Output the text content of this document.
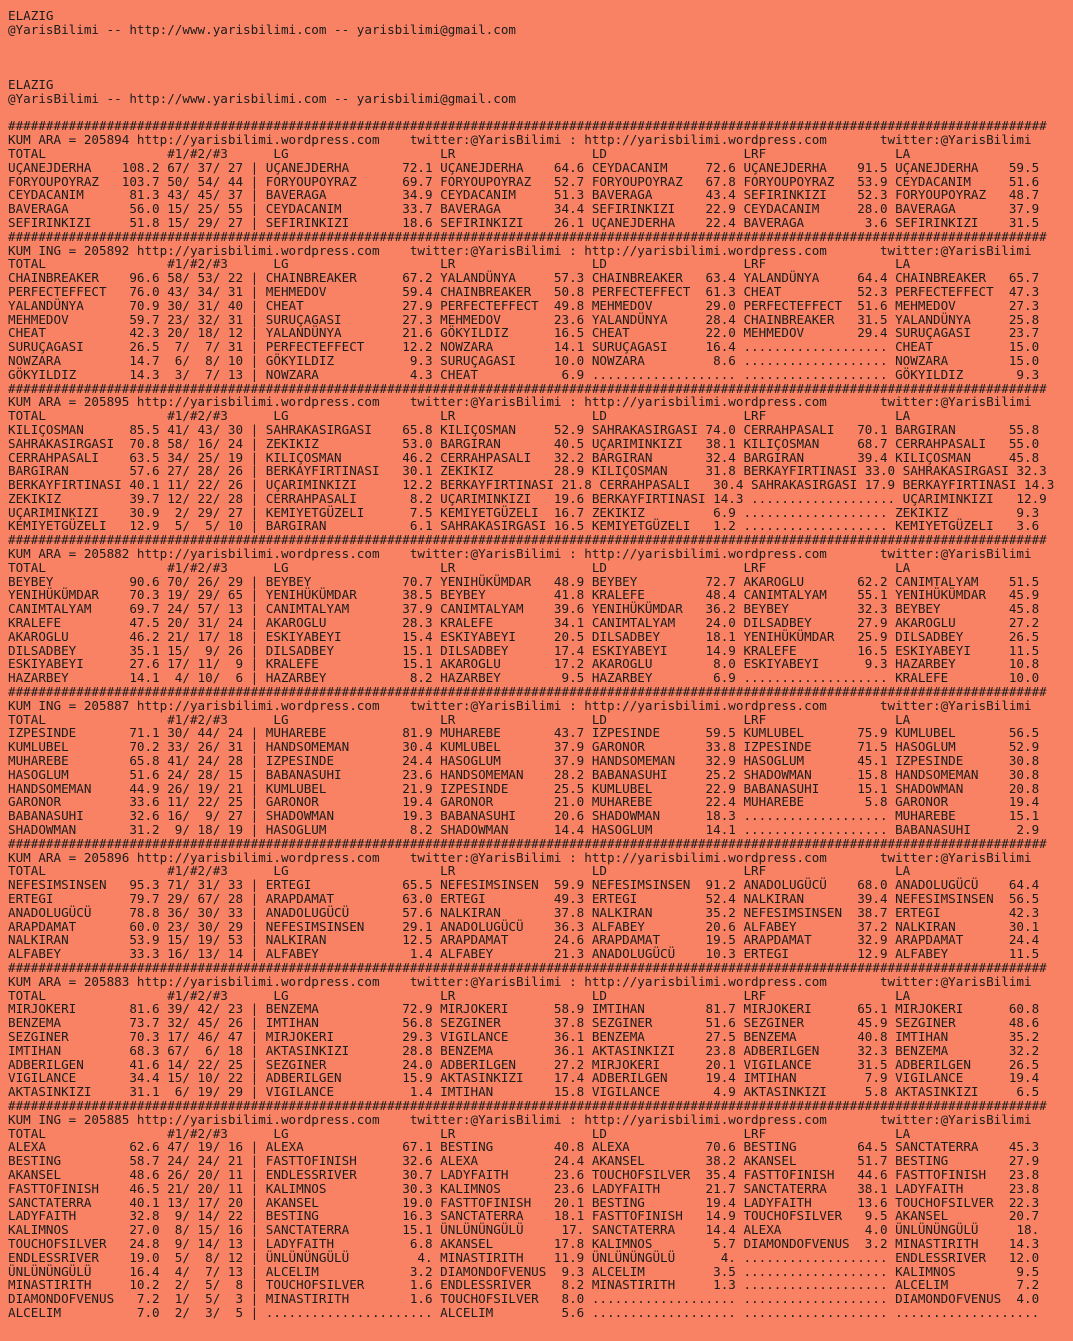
ELAZIG
@YarisBilimi -- http://www.yarisbilimi.com -- yarisbilimi@gmail.com

ELAZIG
@YarisBilimi -- http://www.yarisbilimi.com -- yarisbilimi@gmail.com

#########################################################################################################################################
KUM ARA = 205894 http://yarisbilimi.wordpress.com    twitter:@YarisBilimi : http://yarisbilimi.wordpress.com       twitter:@YarisBilimi
TOTAL                #1/#2/#3      LG                    LR                  LD                  LRF                 LA
UÇANEJDERHA    108.2 67/ 37/ 27 | UÇANEJDERHA       72.1 UÇANEJDERHA    64.6 CEYDACANIM     72.6 UÇANEJDERHA    91.5 UÇANEJDERHA    59.5
FORYOUPOYRAZ   103.7 50/ 54/ 44 | FORYOUPOYRAZ      69.7 FORYOUPOYRAZ   52.7 FORYOUPOYRAZ   67.8 FORYOUPOYRAZ   53.9 CEYDACANIM     51.6
CEYDACANIM      81.3 43/ 45/ 37 | BAVERAGA          34.9 CEYDACANIM     51.3 BAVERAGA       43.4 SEFIRINKIZI    52.3 FORYOUPOYRAZ   48.7
BAVERAGA        56.0 15/ 25/ 55 | CEYDACANIM        33.7 BAVERAGA       34.4 SEFIRINKIZI    22.9 CEYDACANIM     28.0 BAVERAGA       37.9
SEFIRINKIZI     51.8 15/ 29/ 27 | SEFIRINKIZI       18.6 SEFIRINKIZI    26.1 UÇANEJDERHA    22.4 BAVERAGA        3.6 SEFIRINKIZI    31.5
#########################################################################################################################################
KUM ING = 205892 http://yarisbilimi.wordpress.com    twitter:@YarisBilimi : http://yarisbilimi.wordpress.com       twitter:@YarisBilimi
TOTAL                #1/#2/#3      LG                    LR                  LD                  LRF                 LA
CHAINBREAKER    96.6 58/ 53/ 22 | CHAINBREAKER      67.2 YALANDÜNYA     57.3 CHAINBREAKER   63.4 YALANDÜNYA     64.4 CHAINBREAKER   65.7
PERFECTEFFECT   76.0 43/ 34/ 31 | MEHMEDOV          59.4 CHAINBREAKER   50.8 PERFECTEFFECT  61.3 CHEAT          52.3 PERFECTEFFECT  47.3
YALANDÜNYA      70.9 30/ 31/ 40 | CHEAT             27.9 PERFECTEFFECT  49.8 MEHMEDOV       29.0 PERFECTEFFECT  51.6 MEHMEDOV       27.3
MEHMEDOV        59.7 23/ 32/ 31 | SURUÇAGASI        27.3 MEHMEDOV       23.6 YALANDÜNYA     28.4 CHAINBREAKER   31.5 YALANDÜNYA     25.8
CHEAT           42.3 20/ 18/ 12 | YALANDÜNYA        21.6 GÖKYILDIZ      16.5 CHEAT          22.0 MEHMEDOV       29.4 SURUÇAGASI     23.7
SURUÇAGASI      26.5  7/  7/ 31 | PERFECTEFFECT     12.2 NOWZARA        14.1 SURUÇAGASI     16.4 ................... CHEAT          15.0
NOWZARA         14.7  6/  8/ 10 | GÖKYILDIZ          9.3 SURUÇAGASI     10.0 NOWZARA         8.6 ................... NOWZARA        15.0
GÖKYILDIZ       14.3  3/  7/ 13 | NOWZARA            4.3 CHEAT           6.9 ................... ................... GÖKYILDIZ       9.3
#########################################################################################################################################
KUM ARA = 205895 http://yarisbilimi.wordpress.com    twitter:@YarisBilimi : http://yarisbilimi.wordpress.com       twitter:@YarisBilimi
TOTAL                #1/#2/#3      LG                    LR                  LD                  LRF                 LA
KILIÇOSMAN      85.5 41/ 43/ 30 | SAHRAKASIRGASI    65.8 KILIÇOSMAN     52.9 SAHRAKASIRGASI 74.0 CERRAHPASALI   70.1 BARGIRAN       55.8
SAHRAKASIRGASI  70.8 58/ 16/ 24 | ZEKIKIZ           53.0 BARGIRAN       40.5 UÇARIMINKIZI   38.1 KILIÇOSMAN     68.7 CERRAHPASALI   55.0
CERRAHPASALI    63.5 34/ 25/ 19 | KILIÇOSMAN        46.2 CERRAHPASALI   32.2 BARGIRAN       32.4 BARGIRAN       39.4 KILIÇOSMAN     45.8
BARGIRAN        57.6 27/ 28/ 26 | BERKAYFIRTINASI   30.1 ZEKIKIZ        28.9 KILIÇOSMAN     31.8 BERKAYFIRTINASI 33.0 SAHRAKASIRGASI 32.3
BERKAYFIRTINASI 40.1 11/ 22/ 26 | UÇARIMINKIZI      12.2 BERKAYFIRTINASI 21.8 CERRAHPASALI   30.4 SAHRAKASIRGASI 17.9 BERKAYFIRTINASI 14.3
ZEKIKIZ         39.7 12/ 22/ 28 | CERRAHPASALI       8.2 UÇARIMINKIZI   19.6 BERKAYFIRTINASI 14.3 ................... UÇARIMINKIZI   12.9
UÇARIMINKIZI    30.9  2/ 29/ 27 | KEMIYETGÜZELI      7.5 KEMIYETGÜZELI  16.7 ZEKIKIZ         6.9 ................... ZEKIKIZ         9.3
KEMIYETGÜZELI   12.9  5/  5/ 10 | BARGIRAN           6.1 SAHRAKASIRGASI 16.5 KEMIYETGÜZELI   1.2 ................... KEMIYETGÜZELI   3.6
#########################################################################################################################################
KUM ARA = 205882 http://yarisbilimi.wordpress.com    twitter:@YarisBilimi : http://yarisbilimi.wordpress.com       twitter:@YarisBilimi
TOTAL                #1/#2/#3      LG                    LR                  LD                  LRF                 LA
BEYBEY          90.6 70/ 26/ 29 | BEYBEY            70.7 YENIHÜKÜMDAR   48.9 BEYBEY         72.7 AKAROGLU       62.2 CANIMTALYAM    51.5
YENIHÜKÜMDAR    70.3 19/ 29/ 65 | YENIHÜKÜMDAR      38.5 BEYBEY         41.8 KRALEFE        48.4 CANIMTALYAM    55.1 YENIHÜKÜMDAR   45.9
CANIMTALYAM     69.7 24/ 57/ 13 | CANIMTALYAM       37.9 CANIMTALYAM    39.6 YENIHÜKÜMDAR   36.2 BEYBEY         32.3 BEYBEY         45.8
KRALEFE         47.5 20/ 31/ 24 | AKAROGLU          28.3 KRALEFE        34.1 CANIMTALYAM    24.0 DILSADBEY      27.9 AKAROGLU       27.2
AKAROGLU        46.2 21/ 17/ 18 | ESKIYABEYI        15.4 ESKIYABEYI     20.5 DILSADBEY      18.1 YENIHÜKÜMDAR   25.9 DILSADBEY      26.5
DILSADBEY       35.1 15/  9/ 26 | DILSADBEY         15.1 DILSADBEY      17.4 ESKIYABEYI     14.9 KRALEFE        16.5 ESKIYABEYI     11.5
ESKIYABEYI      27.6 17/ 11/  9 | KRALEFE           15.1 AKAROGLU       17.2 AKAROGLU        8.0 ESKIYABEYI      9.3 HAZARBEY       10.8
HAZARBEY        14.1  4/ 10/  6 | HAZARBEY           8.2 HAZARBEY        9.5 HAZARBEY        6.9 ................... KRALEFE        10.0
#########################################################################################################################################
KUM ING = 205887 http://yarisbilimi.wordpress.com    twitter:@YarisBilimi : http://yarisbilimi.wordpress.com       twitter:@YarisBilimi
TOTAL                #1/#2/#3      LG                    LR                  LD                  LRF                 LA
IZPESINDE       71.1 30/ 44/ 24 | MUHAREBE          81.9 MUHAREBE       43.7 IZPESINDE      59.5 KUMLUBEL       75.9 KUMLUBEL       56.5
KUMLUBEL        70.2 33/ 26/ 31 | HANDSOMEMAN       30.4 KUMLUBEL       37.9 GARONOR        33.8 IZPESINDE      71.5 HASOGLUM       52.9
MUHAREBE        65.8 41/ 24/ 28 | IZPESINDE         24.4 HASOGLUM       37.9 HANDSOMEMAN    32.9 HASOGLUM       45.1 IZPESINDE      30.8
HASOGLUM        51.6 24/ 28/ 15 | BABANASUHI        23.6 HANDSOMEMAN    28.2 BABANASUHI     25.2 SHADOWMAN      15.8 HANDSOMEMAN    30.8
HANDSOMEMAN     44.9 26/ 19/ 21 | KUMLUBEL          21.9 IZPESINDE      25.5 KUMLUBEL       22.9 BABANASUHI     15.1 SHADOWMAN      20.8
GARONOR         33.6 11/ 22/ 25 | GARONOR           19.4 GARONOR        21.0 MUHAREBE       22.4 MUHAREBE        5.8 GARONOR        19.4
BABANASUHI      32.6 16/  9/ 27 | SHADOWMAN         19.3 BABANASUHI     20.6 SHADOWMAN      18.3 ................... MUHAREBE       15.1
SHADOWMAN       31.2  9/ 18/ 19 | HASOGLUM           8.2 SHADOWMAN      14.4 HASOGLUM       14.1 ................... BABANASUHI      2.9
#########################################################################################################################################
KUM ARA = 205896 http://yarisbilimi.wordpress.com    twitter:@YarisBilimi : http://yarisbilimi.wordpress.com       twitter:@YarisBilimi
TOTAL                #1/#2/#3      LG                    LR                  LD                  LRF                 LA
NEFESIMSINSEN   95.3 71/ 31/ 33 | ERTEGI            65.5 NEFESIMSINSEN  59.9 NEFESIMSINSEN  91.2 ANADOLUGÜCÜ    68.0 ANADOLUGÜCÜ    64.4
ERTEGI          79.7 29/ 67/ 28 | ARAPDAMAT         63.0 ERTEGI         49.3 ERTEGI         52.4 NALKIRAN       39.4 NEFESIMSINSEN  56.5
ANADOLUGÜCÜ     78.8 36/ 30/ 33 | ANADOLUGÜCÜ       57.6 NALKIRAN       37.8 NALKIRAN       35.2 NEFESIMSINSEN  38.7 ERTEGI         42.3
ARAPDAMAT       60.0 23/ 30/ 29 | NEFESIMSINSEN     29.1 ANADOLUGÜCÜ    36.3 ALFABEY        20.6 ALFABEY        37.2 NALKIRAN       30.1
NALKIRAN        53.9 15/ 19/ 53 | NALKIRAN          12.5 ARAPDAMAT      24.6 ARAPDAMAT      19.5 ARAPDAMAT      32.9 ARAPDAMAT      24.4
ALFABEY         33.3 16/ 13/ 14 | ALFABEY            1.4 ALFABEY        21.3 ANADOLUGÜCÜ    10.3 ERTEGI         12.9 ALFABEY        11.5
#########################################################################################################################################
KUM ARA = 205883 http://yarisbilimi.wordpress.com    twitter:@YarisBilimi : http://yarisbilimi.wordpress.com       twitter:@YarisBilimi
TOTAL                #1/#2/#3      LG                    LR                  LD                  LRF                 LA
MIRJOKERI       81.6 39/ 42/ 23 | BENZEMA           72.9 MIRJOKERI      58.9 IMTIHAN        81.7 MIRJOKERI      65.1 MIRJOKERI      60.8
BENZEMA         73.7 32/ 45/ 26 | IMTIHAN           56.8 SEZGINER       37.8 SEZGINER       51.6 SEZGINER       45.9 SEZGINER       48.6
SEZGINER        70.3 17/ 46/ 47 | MIRJOKERI         29.3 VIGILANCE      36.1 BENZEMA        27.5 BENZEMA        40.8 IMTIHAN        35.2
IMTIHAN         68.3 67/  6/ 18 | AKTASINKIZI       28.8 BENZEMA        36.1 AKTASINKIZI    23.8 ADBERILGEN     32.3 BENZEMA        32.2
ADBERILGEN      41.6 14/ 22/ 25 | SEZGINER          24.0 ADBERILGEN     27.2 MIRJOKERI      20.1 VIGILANCE      31.5 ADBERILGEN     26.5
VIGILANCE       34.4 15/ 10/ 22 | ADBERILGEN        15.9 AKTASINKIZI    17.4 ADBERILGEN     19.4 IMTIHAN         7.9 VIGILANCE      19.4
AKTASINKIZI     31.1  6/ 19/ 29 | VIGILANCE          1.4 IMTIHAN        15.8 VIGILANCE       4.9 AKTASINKIZI     5.8 AKTASINKIZI     6.5
#########################################################################################################################################
KUM ING = 205885 http://yarisbilimi.wordpress.com    twitter:@YarisBilimi : http://yarisbilimi.wordpress.com       twitter:@YarisBilimi
TOTAL                #1/#2/#3      LG                    LR                  LD                  LRF                 LA
ALEXA           62.6 47/ 19/ 16 | ALEXA             67.1 BESTING        40.8 ALEXA          70.6 BESTING        64.5 SANCTATERRA    45.3
BESTING         58.7 24/ 24/ 21 | FASTTOFINISH      32.6 ALEXA          24.4 AKANSEL        38.2 AKANSEL        51.7 BESTING        27.9
AKANSEL         48.6 26/ 20/ 11 | ENDLESSRIVER      30.7 LADYFAITH      23.6 TOUCHOFSILVER  35.4 FASTTOFINISH   44.6 FASTTOFINISH   23.8
FASTTOFINISH    46.5 21/ 20/ 11 | KALIMNOS          30.3 KALIMNOS       23.6 LADYFAITH      21.7 SANCTATERRA    38.1 LADYFAITH      23.8
SANCTATERRA     40.1 13/ 17/ 20 | AKANSEL           19.0 FASTTOFINISH   20.1 BESTING        19.4 LADYFAITH      13.6 TOUCHOFSILVER  22.3
LADYFAITH       32.8  9/ 14/ 22 | BESTING           16.3 SANCTATERRA    18.1 FASTTOFINISH   14.9 TOUCHOFSILVER   9.5 AKANSEL        20.7
KALIMNOS        27.0  8/ 15/ 16 | SANCTATERRA       15.1 ÜNLÜNÜNGÜLÜ     17. SANCTATERRA    14.4 ALEXA           4.0 ÜNLÜNÜNGÜLÜ     18.
TOUCHOFSILVER   24.8  9/ 14/ 13 | LADYFAITH          6.8 AKANSEL        17.8 KALIMNOS        5.7 DIAMONDOFVENUS  3.2 MINASTIRITH    14.3
ENDLESSRIVER    19.0  5/  8/ 12 | ÜNLÜNÜNGÜLÜ         4. MINASTIRITH    11.9 ÜNLÜNÜNGÜLÜ      4. ................... ENDLESSRIVER   12.0
ÜNLÜNÜNGÜLÜ     16.4  4/  7/ 13 | ALCELIM            3.2 DIAMONDOFVENUS  9.3 ALCELIM         3.5 ................... KALIMNOS        9.5
MINASTIRITH     10.2  2/  5/  8 | TOUCHOFSILVER      1.6 ENDLESSRIVER    8.2 MINASTIRITH     1.3 ................... ALCELIM         7.2
DIAMONDOFVENUS   7.2  1/  5/  3 | MINASTIRITH        1.6 TOUCHOFSILVER   8.0 ................... ................... DIAMONDOFVENUS  4.0
ALCELIM          7.0  2/  3/  5 | ...................... ALCELIM         5.6 ................... ................... ...................
